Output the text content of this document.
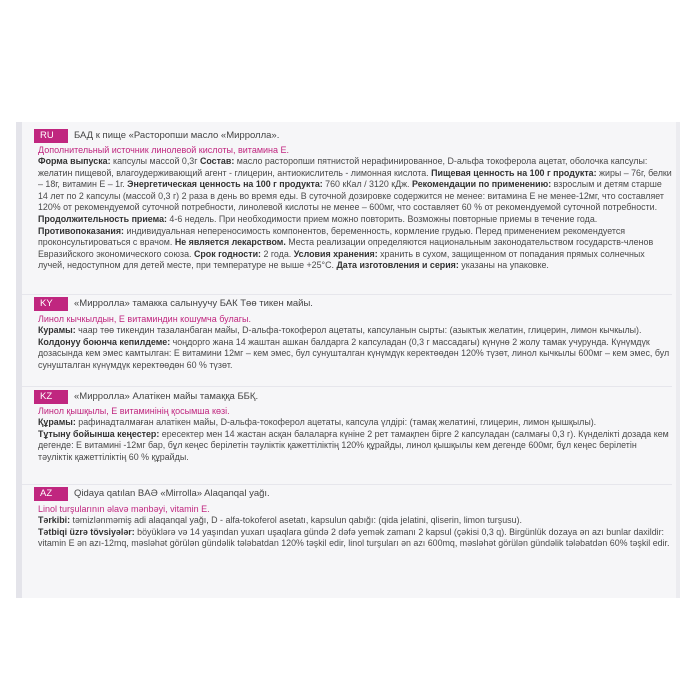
RU	БАД к пище «Расторопши масло «Мирролла».
Дополнительный источник линолевой кислоты, витамина Е.
Форма выпуска: капсулы массой 0,3г Состав: масло расторопши пятнистой нерафинированное, D-альфа токоферола ацетат, оболочка капсулы: желатин пищевой, влагоудерживающий агент - глицерин, антиокислитель - лимонная кислота. Пищевая ценность на 100 г продукта: жиры – 76г, белки – 18г, витамин Е – 1г. Энергетическая ценность на 100 г продукта: 760 кКал / 3120 кДж. Рекомендации по применению: взрослым и детям старше 14 лет по 2 капсулы (массой 0,3 г) 2 раза в день во время еды. В суточной дозировке содержится не менее: витамина Е не менее-12мг, что составляет 120% от рекомендуемой суточной потребности, линолевой кислоты не менее – 600мг, что составляет 60 % от рекомендуемой суточной потребности. Продолжительность приема: 4-6 недель. При необходимости прием можно повторить. Возможны повторные приемы в течение года. Противопоказания: индивидуальная непереносимость компонентов, беременность, кормление грудью. Перед применением рекомендуется проконсультироваться с врачом. Не является лекарством. Места реализации определяются национальным законодательством государств-членов Евразийского экономического союза. Срок годности: 2 года. Условия хранения: хранить в сухом, защищенном от попадания прямых солнечных лучей, недоступном для детей месте, при температуре не выше +25°С. Дата изготовления и серия: указаны на упаковке.
KY	«Мирролла» тамакка салынуучу БАК Төө тикен майы.
Линол кычкылдын, Е витаминдин кошумча булагы.
Курамы: чаар төө тикендин тазаланбаган майы, D-альфа-токоферол ацетаты, капсуланын сырты: (азыктык желатин, глицерин, лимон кычкылы).
Колдонуу боюнча кепилдеме: чоңдорго жана 14 жаштан ашкан балдарга 2 капсуладан (0,3 г массадагы) күнүнө 2 жолу тамак учурунда. Күнүмдүк дозасында кем эмес камтылган: Е витамини 12мг – кем эмес, бул сунушталган күнүмдүк керектөөдөн 120% түзөт, линол кычкылы 600мг – кем эмес, бул сунушталган күнүмдүк керектөөдөн 60 % түзөт.
KZ	«Мирролла» Алатікен майы тамаққа ББҚ.
Линол қышқылы, Е витаминінің қосымша көзі.
Құрамы: рафинадталмаған алатікен майы, D-альфа-токоферол ацетаты, капсула үлдірі: (тамақ желатині, глицерин, лимон қышқылы).
Тұтыну бойынша кеңестер: ересектер мен 14 жастан асқан балаларға күніне 2 рет тамақпен бірге 2 капсуладан (салмағы 0,3 г). Күнделікті дозада кем дегенде: Е витамині -12мг бар, бұл кеңес берілетін тәуліктік қажеттіліктің 120% құрайды, линол қышқылы кем дегенде 600мг, бұл кеңес берілетін тәуліктік қажеттіліктің 60 % құрайды.
AZ	Qidaya qatılan BAƏ «Mirrolla» Alaqanqal yağı.
Linol turşularının əlavə mənbəyi, vitamin E.
Tərkibi: təmizlənməmiş adi alaqanqal yağı, D - alfa-tokoferol asetatı, kapsulun qabığı: (qida jelatini, qliserin, limon turşusu).
Tətbiqi üzrə tövsiyələr: böyüklərə və 14 yaşından yuxarı uşaqlara gündə 2 dəfə yemək zamanı 2 kapsul (çəkisi 0,3 q). Birgünlük dozaya ən azı bunlar daxildir: vitamin E ən azı-12mq, məsləhət görülən gündəlik tələbatdan 120% təşkil edir, linol turşuları ən azı 600mq, məsləhət görülən gündəlik tələbatdən 60% təşkil edir.
